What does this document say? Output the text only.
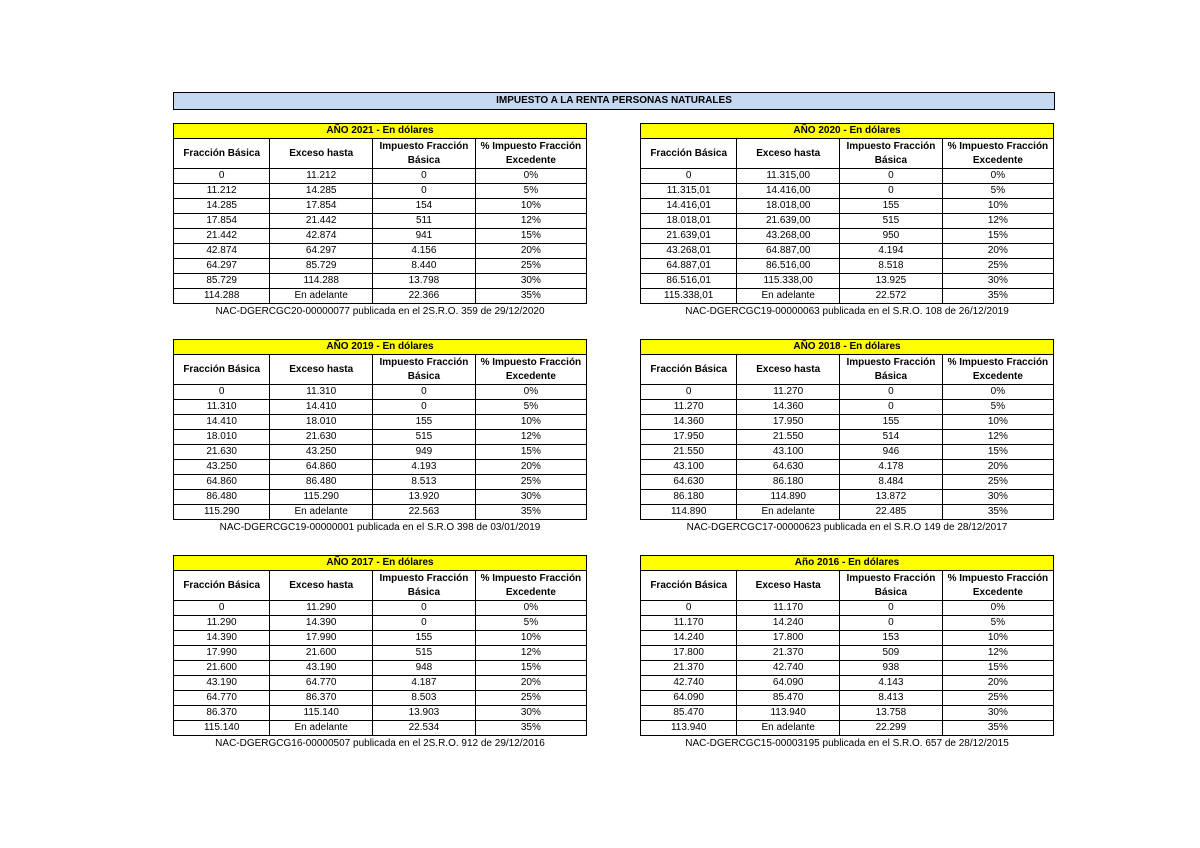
IMPUESTO A LA RENTA PERSONAS NATURALES
AÑO 2021 - En dólares			
Fracción Básica	Exceso hasta	Impuesto Fracción Básica	% Impuesto Fracción Excedente
0	11.212	0	0%
11.212	14.285	0	5%
14.285	17.854	154	10%
17.854	21.442	511	12%
21.442	42.874	941	15%
42.874	64.297	4.156	20%
64.297	85.729	8.440	25%
85.729	114.288	13.798	30%
114.288	En adelante	22.366	35%
NAC-DGERCGC20-00000077 publicada en el 2S.R.O. 359 de 29/12/2020
AÑO 2020 - En dólares			
Fracción Básica	Exceso hasta	Impuesto Fracción Básica	% Impuesto Fracción Excedente
0	11.315,00	0	0%
11.315,01	14.416,00	0	5%
14.416,01	18.018,00	155	10%
18.018,01	21.639,00	515	12%
21.639,01	43.268,00	950	15%
43.268,01	64.887,00	4.194	20%
64.887,01	86.516,00	8.518	25%
86.516,01	115.338,00	13.925	30%
115.338,01	En adelante	22.572	35%
NAC-DGERCGC19-00000063 publicada en el S.R.O. 108 de 26/12/2019
AÑO 2019 - En dólares			
Fracción Básica	Exceso hasta	Impuesto Fracción Básica	% Impuesto Fracción Excedente
0	11.310	0	0%
11.310	14.410	0	5%
14.410	18.010	155	10%
18.010	21.630	515	12%
21.630	43.250	949	15%
43.250	64.860	4.193	20%
64.860	86.480	8.513	25%
86.480	115.290	13.920	30%
115.290	En adelante	22.563	35%
NAC-DGERCGC19-00000001 publicada en el S.R.O 398 de 03/01/2019
AÑO 2018 - En dólares			
Fracción Básica	Exceso hasta	Impuesto Fracción Básica	% Impuesto Fracción Excedente
0	11.270	0	0%
11.270	14.360	0	5%
14.360	17.950	155	10%
17.950	21.550	514	12%
21.550	43.100	946	15%
43.100	64.630	4.178	20%
64.630	86.180	8.484	25%
86.180	114.890	13.872	30%
114.890	En adelante	22.485	35%
NAC-DGERCGC17-00000623 publicada en el S.R.O 149 de 28/12/2017
AÑO 2017 - En dólares			
Fracción Básica	Exceso hasta	Impuesto Fracción Básica	% Impuesto Fracción Excedente
0	11.290	0	0%
11.290	14.390	0	5%
14.390	17.990	155	10%
17.990	21.600	515	12%
21.600	43.190	948	15%
43.190	64.770	4.187	20%
64.770	86.370	8.503	25%
86.370	115.140	13.903	30%
115.140	En adelante	22.534	35%
NAC-DGERGCG16-00000507 publicada en el 2S.R.O. 912 de 29/12/2016
Año 2016 - En dólares			
Fracción Básica	Exceso Hasta	Impuesto Fracción Básica	% Impuesto Fracción Excedente
0	11.170	0	0%
11.170	14.240	0	5%
14.240	17.800	153	10%
17.800	21.370	509	12%
21.370	42.740	938	15%
42.740	64.090	4.143	20%
64.090	85.470	8.413	25%
85.470	113.940	13.758	30%
113.940	En adelante	22.299	35%
NAC-DGERCGC15-00003195 publicada en el S.R.O. 657 de 28/12/2015
